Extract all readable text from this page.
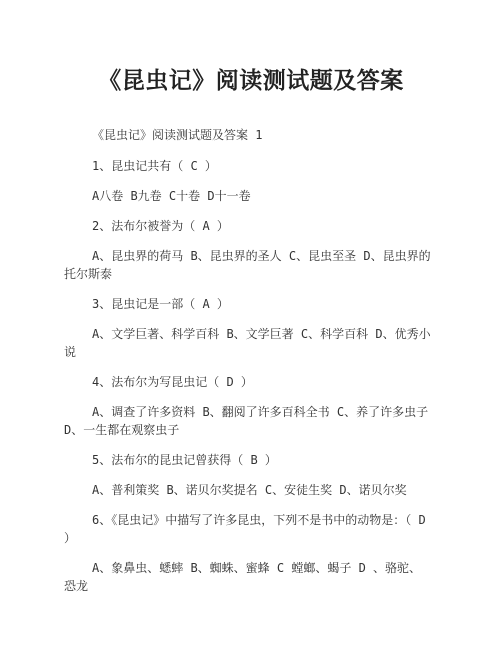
《昆虫记》阅读测试题及答案

《昆虫记》阅读测试题及答案 1

1、昆虫记共有（ C ）

A八卷 B九卷 C十卷 D十一卷

2、法布尔被誉为（ A ）

A、昆虫界的荷马 B、昆虫界的圣人 C、昆虫至圣 D、昆虫界的托尔斯泰

3、昆虫记是一部（ A ）

A、文学巨著、科学百科 B、文学巨著 C、科学百科 D、优秀小说

4、法布尔为写昆虫记（ D ）

A、调查了许多资料 B、翻阅了许多百科全书 C、养了许多虫子D、一生都在观察虫子

5、法布尔的昆虫记曾获得（ B ）

A、普利策奖 B、诺贝尔奖提名 C、安徒生奖 D、诺贝尔奖

6、《昆虫记》中描写了许多昆虫，下列不是书中的动物是：（ D ）

A、象鼻虫、蟋蟀 B、蜘蛛、蜜蜂 C 螳螂、蝎子 D 、骆驼、恐龙
